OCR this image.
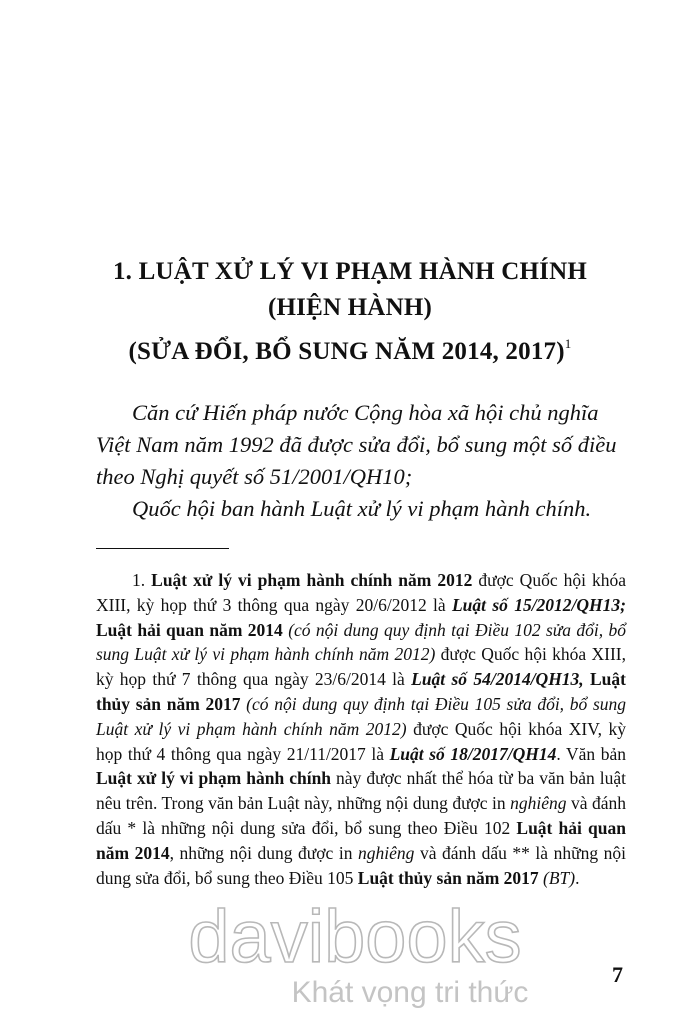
1. LUẬT XỬ LÝ VI PHẠM HÀNH CHÍNH
(HIỆN HÀNH)
(SỬA ĐỔI, BỔ SUNG NĂM 2014, 2017)$^1$

Căn cứ Hiến pháp nước Cộng hòa xã hội chủ nghĩa Việt Nam năm 1992 đã được sửa đổi, bổ sung một số điều theo Nghị quyết số 51/2001/QH10;

Quốc hội ban hành Luật xử lý vi phạm hành chính.

1. Luật xử lý vi phạm hành chính năm 2012 được Quốc hội khóa XIII, kỳ họp thứ 3 thông qua ngày 20/6/2012 là Luật số 15/2012/QH13; Luật hải quan năm 2014 (có nội dung quy định tại Điều 102 sửa đổi, bổ sung Luật xử lý vi phạm hành chính năm 2012) được Quốc hội khóa XIII, kỳ họp thứ 7 thông qua ngày 23/6/2014 là Luật số 54/2014/QH13, Luật thủy sản năm 2017 (có nội dung quy định tại Điều 105 sửa đổi, bổ sung Luật xử lý vi phạm hành chính năm 2012) được Quốc hội khóa XIV, kỳ họp thứ 4 thông qua ngày 21/11/2017 là Luật số 18/2017/QH14. Văn bản Luật xử lý vi phạm hành chính này được nhất thể hóa từ ba văn bản luật nêu trên. Trong văn bản Luật này, những nội dung được in nghiêng và đánh dấu * là những nội dung sửa đổi, bổ sung theo Điều 102 Luật hải quan năm 2014, những nội dung được in nghiêng và đánh dấu ** là những nội dung sửa đổi, bổ sung theo Điều 105 Luật thủy sản năm 2017 (BT).

7
davibooks
Khát vọng tri thức
